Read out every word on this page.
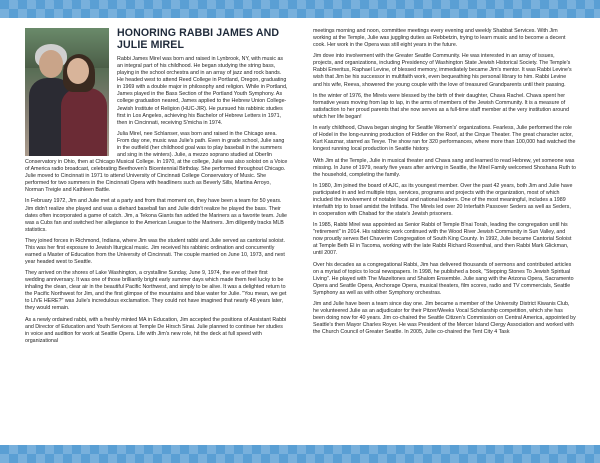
HONORING RABBI JAMES AND JULIE MIREL

Rabbi James Mirel was born and raised in Lynbrook, NY, with music as an integral part of his childhood. He began studying the string bass, playing in the school orchestra and in an array of jazz and rock bands. He headed west to attend Reed College in Portland, Oregon, graduating in 1969 with a double major in philosophy and religion. While in Portland, James played in the Bass Section of the Portland Youth Symphony. As college graduation neared, James applied to the Hebrew Union College-Jewish Institute of Religion (HUC-JIR). He pursued his rabbinic studies first in Los Angeles, achieving his Bachelor of Hebrew Letters in 1971, then in Cincinnati, receiving S'micha in 1974.

Julia Mirel, nee Schlanser, was born and raised in the Chicago area. From day one, music was Julie's path. Even in grade school, Julie sang in the outfield (her childhood goal was to play baseball in the summers and sing in the winters). Julie, a mezzo soprano studied at Oberlin Conservatory in Ohio, then at Chicago Musical College. In 1970, at the college, Julie was also soloist on a Voice of America radio broadcast, celebrating Beethoven's Bicentennial Birthday. She performed throughout Chicago. Julie moved to Cincinnati in 1971 to attend University of Cincinnati College Conservatory of Music. She performed for two summers in the Cincinnati Opera with headliners such as Beverly Sills, Martina Arroyo, Norman Treigle and Kathleen Battle.

In February 1972, Jim and Julie met at a party and from that moment on, they have been a team for 50 years. Jim didn't realize she played and was a diehard baseball fan and Julie didn't realize he played the bass. Their dates often incorporated a game of catch. Jim, a Tekona Giants fan added the Mariners as a favorite team. Julie was a Cubs fan and switched her allegiance to the American League to the Mariners. Jim diligently tracks MLB statistics.

They joined forces in Richmond, Indiana, where Jim was the student rabbi and Julie served as cantorial soloist. This was her first exposure to Jewish liturgical music. Jim received his rabbinic ordination and concurrently earned a Master of Education from the University of Cincinnati. The couple married on June 10, 1973, and next year headed west to Seattle.

They arrived on the shores of Lake Washington, a crystalline Sunday, June 9, 1974, the eve of their first wedding anniversary. It was one of those brilliantly bright early summer days which made them feel lucky to be inhaling the clean, clear air in the beautiful Pacific Northwest, and simply to be alive. It was a delighted return to the Pacific Northwest for Jim, and the first glimpse of the mountains and blue water for Julie. "You mean, we get to LIVE HERE?" was Julie's incredulous exclamation. They could not have imagined that nearly 48 years later, they would remain.

As a newly ordained rabbi, with a freshly minted MA in Education, Jim accepted the positions of Assistant Rabbi and Director of Education and Youth Services at Temple De Hirsch Sinai. Julie planned to continue her studies in voice and audition for work at Seattle Opera. Life with Jim's new role, hit the deck at full speed with organizational

meetings morning and noon, committee meetings every evening and weekly Shabbat Services. With Jim working at the Temple, Julie was juggling duties as Rebbetzin, trying to learn music and to become a decent cook. Her work in the Opera was still eight years in the future.

Jim dove into involvement with the Greater Seattle Community. He was interested in an array of issues, projects, and organizations, including Presidency of Washington State Jewish Historical Society. The Temple's Rabbi Emeritus, Raphael Levine, of blessed memory, immediately became Jim's mentor. It was Rabbi Levine's wish that Jim be his successor in multifaith work, even bequeathing his personal library to him. Rabbi Levine and his wife, Reeva, showered the young couple with the love of treasured Grandparents until their passing.

In the winter of 1976, the Mirels were blessed by the birth of their daughter, Chava Rachel. Chava spent her formative years moving from lap to lap, in the arms of members of the Jewish Community. It is a measure of satisfaction to her proud parents that she now serves as a full-time staff member at the very institution around which her life began!

In early childhood, Chava began singing for Seattle Women's' organizations. Fearless, Julie performed the role of Hodel in the long-running production of Fiddler on the Roof, at the Cirque Theater. The great character actor, Kurt Kasznar, starred as Tevye. The show ran for 320 performances, where more than 100,000 had watched the longest running local production in Seattle history.

With Jim at the Temple, Julie in musical theater and Chava sang and learned to read Hebrew, yet someone was missing. In June of 1979, nearly five years after arriving in Seattle, the Mirel Family welcomed Shoshana Ruth to the household, completing the family.

In 1980, Jim joined the board of AJC, as its youngest member. Over the past 42 years, both Jim and Julie have participated in and led multiple trips, services, programs and projects with the organization, most of which included the involvement of notable local and national leaders. One of the most meaningful, includes a 1989 interfaith trip to Israel amidst the Intifada. The Mirels led over 20 Interfaith Passover Seders as well as Seders, in cooperation with Chabad for the state's Jewish prisoners.

In 1985, Rabbi Mirel was appointed as Senior Rabbi of Temple B'nai Torah, leading the congregation until his "retirement" in 2014. His rabbinic work continued with the Wood River Jewish Community in Sun Valley, and now proudly serves Bet Chaverim Congregation of South King County. In 1992, Julie became Cantorial Soloist at Temple Beth El in Tacoma, working with the late Rabbi Richard Rosenthal, and then Rabbi Mark Glickman, until 2007.

Over his decades as a congregational Rabbi, Jim has delivered thousands of sermons and contributed articles on a myriad of topics to local newspapers. In 1998, he published a book, "Stepping Stones To Jewish Spiritual Living". He played with The Mazeltones and Shalom Ensemble. Julie sang with the Arizona Opera, Sacramento Opera and Seattle Opera, Anchorage Opera, musical theaters, film scores, radio and TV commercials, Seattle Symphony as well as with other Symphony orchestras.

Jim and Julie have been a team since day one. Jim became a member of the University District Kiwanis Club, he volunteered Julie as an adjudicator for their Pitzer/Weeks Vocal Scholarship competition, which she has been doing now for 40 years. Jim co-chaired the Seattle Citizen's Commission on Central America, appointed by Seattle's then Mayor Charles Royer. He was President of the Mercer Island Clergy Association and worked with the Church Council of Greater Seattle. In 2005, Julie co-chaired the Tent City 4 Task
